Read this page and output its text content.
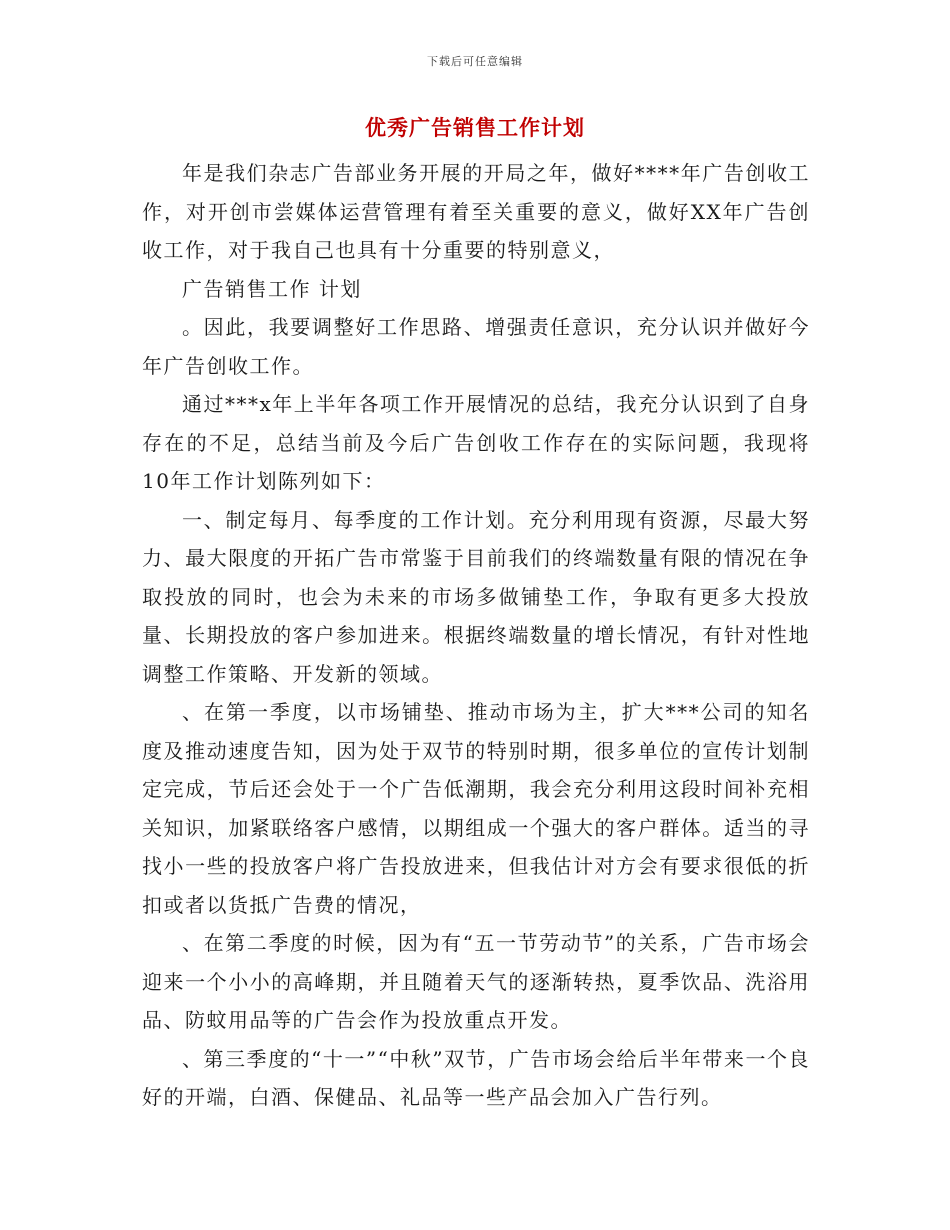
下载后可任意编辑
优秀广告销售工作计划

年是我们杂志广告部业务开展的开局之年，做好****年广告创收工作，对开创市尝媒体运营管理有着至关重要的意义，做好XX年广告创收工作，对于我自己也具有十分重要的特别意义，

广告销售工作 计划

。因此，我要调整好工作思路、增强责任意识，充分认识并做好今年广告创收工作。

通过***x年上半年各项工作开展情况的总结，我充分认识到了自身存在的不足，总结当前及今后广告创收工作存在的实际问题，我现将10年工作计划陈列如下：

一、制定每月、每季度的工作计划。充分利用现有资源，尽最大努力、最大限度的开拓广告市常鉴于目前我们的终端数量有限的情况在争取投放的同时，也会为未来的市场多做铺垫工作，争取有更多大投放量、长期投放的客户参加进来。根据终端数量的增长情况，有针对性地调整工作策略、开发新的领域。

、在第一季度，以市场铺垫、推动市场为主，扩大***公司的知名度及推动速度告知，因为处于双节的特别时期，很多单位的宣传计划制定完成，节后还会处于一个广告低潮期，我会充分利用这段时间补充相关知识，加紧联络客户感情，以期组成一个强大的客户群体。适当的寻找小一些的投放客户将广告投放进来，但我估计对方会有要求很低的折扣或者以货抵广告费的情况，

、在第二季度的时候，因为有“五一节劳动节”的关系，广告市场会迎来一个小小的高峰期，并且随着天气的逐渐转热，夏季饮品、洗浴用品、防蚊用品等的广告会作为投放重点开发。

、第三季度的“十一”“中秋”双节，广告市场会给后半年带来一个良好的开端，白酒、保健品、礼品等一些产品会加入广告行列。
